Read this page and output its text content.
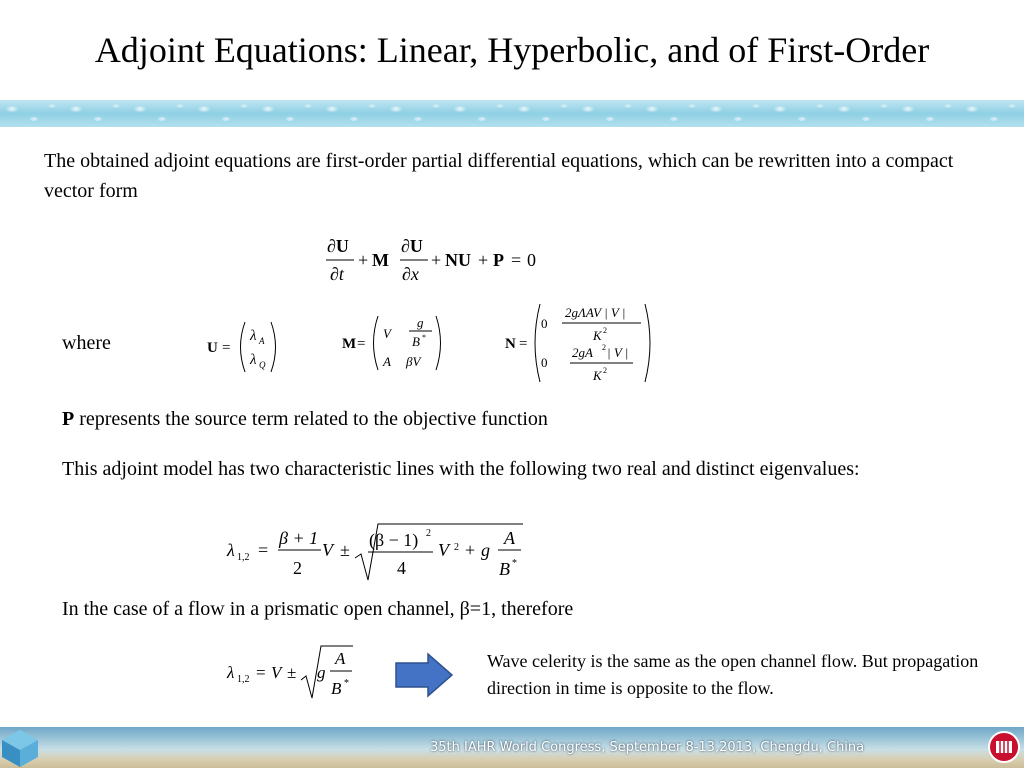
Adjoint Equations: Linear, Hyperbolic, and of First-Order
The obtained adjoint equations are first-order partial differential equations, which can be rewritten into a compact vector form
∂U
∂t
+ M
∂U
∂x
+ NU + P = 0
where	U =
λ A
λ Q
M =
V
g
B *
A βV
N =
0
2gΛAV | V |
K 2
0
2gA 2 | V |
K 2
P represents the source term related to the objective function
This adjoint model has two characteristic lines with the following two real and distinct eigenvalues:
λ 1,2 =
β + 1
2
V ± (β − 1) 2
4
V 2 + g
A
B *
In the case of a flow in a prismatic open channel, β=1, therefore
λ 1,2 = V ± g
A
B *
Wave celerity is the same as the open channel flow. But propagation direction in time is opposite to the flow.
35th IAHR World Congress, September 8-13,2013, Chengdu, China
